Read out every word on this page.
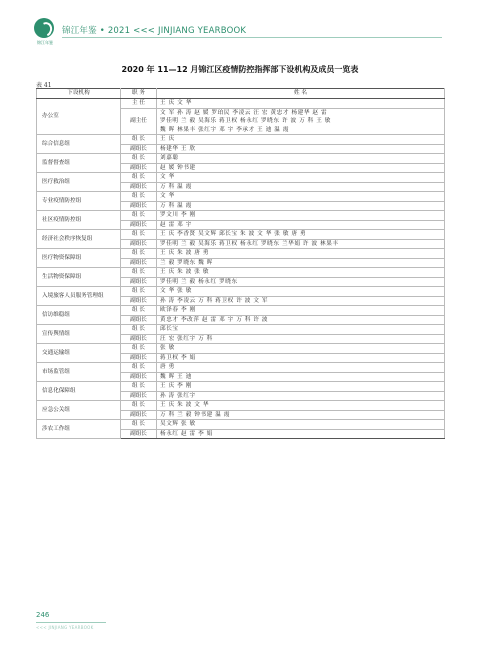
锦江年鉴
锦江年鉴 • 2021 <<< JINJIANG YEARBOOK
2020 年 11—12 月锦江区疫情防控指挥部下设机构及成员一览表
表 41
下设机构	职 务	姓 名
办公室	主 任	王 庆 文 华

	副主任	文 军 孙 涛 赵 媛 罗珀民 李凌云 汪 宏 黄忠才 杨建华 赵 雷
罗佳明 兰 毅 吴海乐 蒋卫权 杨永红 罗晓东 许 波 万 科 王 敏
魏 晖 林果丰 张红宇 邓 宇 李承才 王 迪 温 霞

综合信息组	组 长	王 庆

	副组长	杨建华 王 欣

监督督查组	组 长	刘嘉聪

	副组长	赵 媛 钟书建

医疗救治组	组 长	文 华

	副组长	万 科 温 霞

专业疫情防控组	组 长	文 华

	副组长	万 科 温 霞

社区疫情防控组	组 长	罗文川 李 刚

	副组长	赵 雷 邓 宇

经济社会秩序恢复组	组 长	王 庆 李香贤 吴文辉 邱长宝 朱 波 文 华 张 敏 唐 勇

	副组长	罗佳明 兰 毅 吴海乐 蒋卫权 杨永红 罗晓东 兰华娟 许 波 林果丰

医疗物资保障组	组 长	王 庆 朱 波 唐 勇

	副组长	兰 毅 罗晓东 魏 晖

生活物资保障组	组 长	王 庆 朱 波 张 敏

	副组长	罗佳明 兰 毅 杨永红 罗晓东

入境旅客人员服务管理组	组 长	文 华 张 敏

	副组长	孙 涛 李凌云 万 科 蒋卫权 许 波 文 军

信访维稳组	组 长	欧泽春 李 刚

	副组长	黄忠才 李改萍 赵 雷 邓 宇 万 科 许 波

宣传舆情组	组 长	邱长宝

	副组长	汪 宏 张红宇 万 科

交通运输组	组 长	张 敏

	副组长	蒋卫权 李 娟

市场监管组	组 长	唐 勇

	副组长	魏 晖 王 迪

信息化保障组	组 长	王 庆 李 刚

	副组长	孙 涛 张红宇

应急公关组	组 长	王 庆 朱 波 文 华

	副组长	万 科 兰 毅 钟书建 温 霞

涉农工作组	组 长	吴文辉 张 敏

	副组长	杨永红 赵 雷 李 娟
246
<<< JINJIANG YEARBOOK
